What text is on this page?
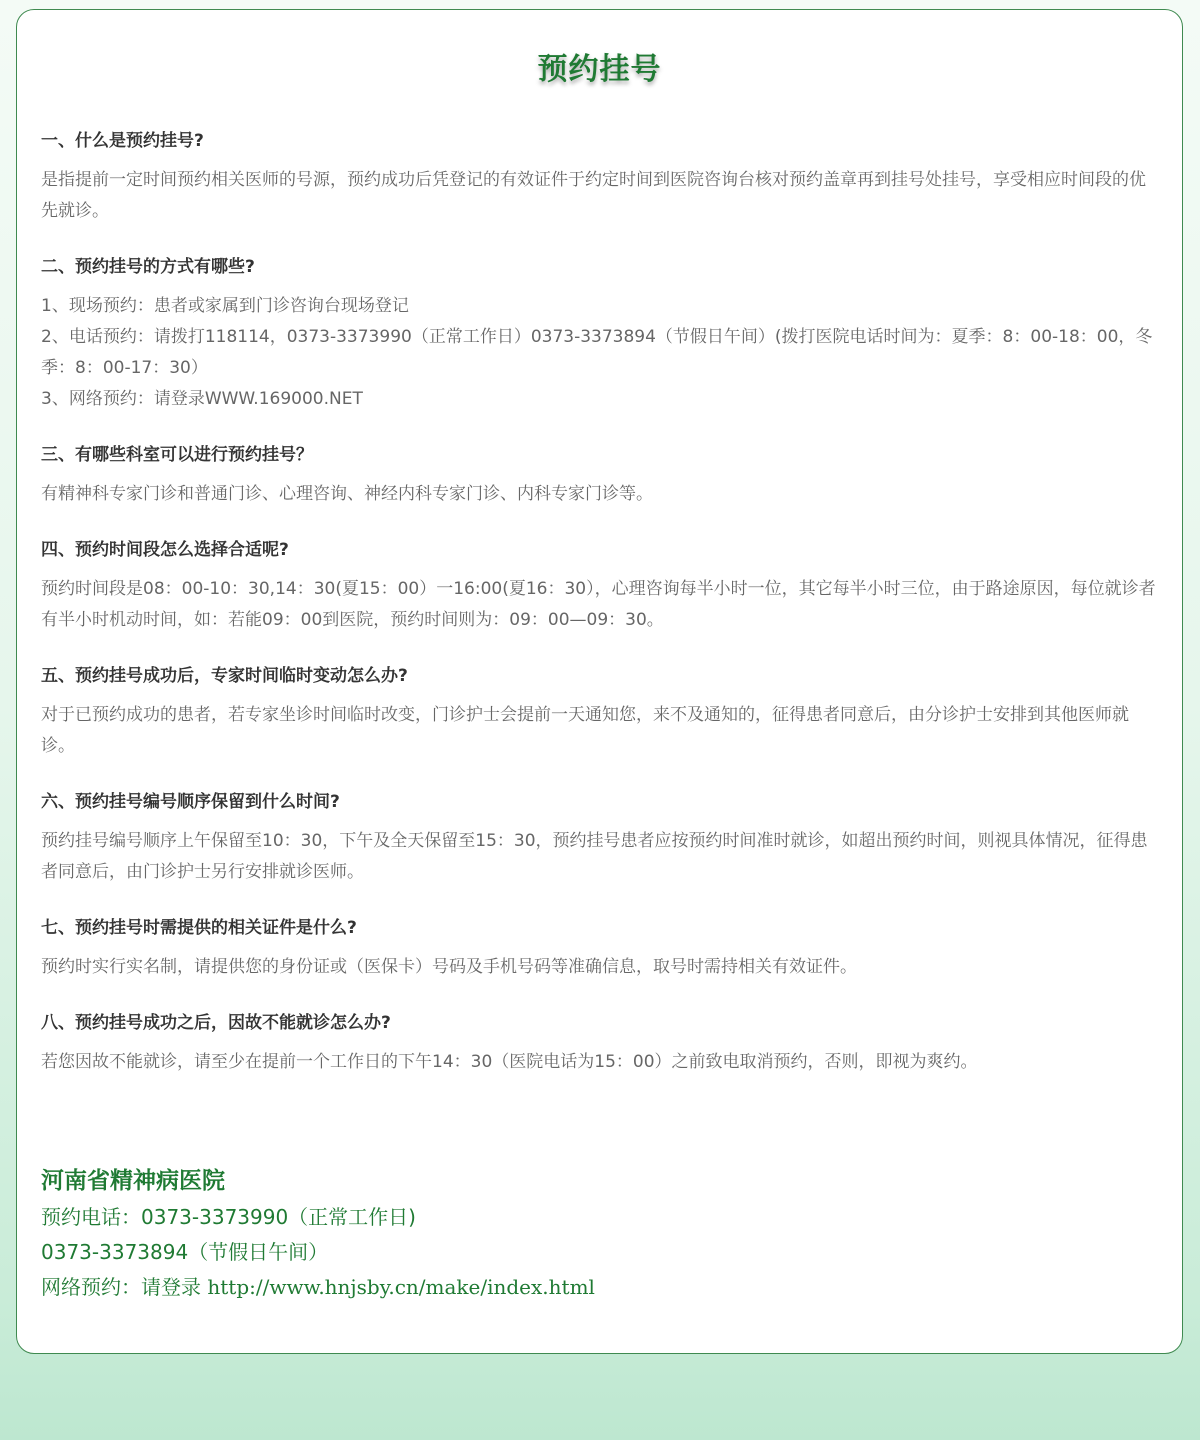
预约挂号
一、什么是预约挂号?

是指提前一定时间预约相关医师的号源，预约成功后凭登记的有效证件于约定时间到医院咨询台核对预约盖章再到挂号处挂号，享受相应时间段的优先就诊。

二、预约挂号的方式有哪些?

1、现场预约：患者或家属到门诊咨询台现场登记

2、电话预约：请拨打118114，0373-3373990（正常工作日）0373-3373894（节假日午间）(拨打医院电话时间为：夏季：8：00-18：00，冬季：8：00-17：30）

3、网络预约：请登录WWW.169000.NET

三、有哪些科室可以进行预约挂号？

有精神科专家门诊和普通门诊、心理咨询、神经内科专家门诊、内科专家门诊等。

四、预约时间段怎么选择合适呢?

预约时间段是08：00-10：30,14：30(夏15：00）一16:00(夏16：30），心理咨询每半小时一位，其它每半小时三位，由于路途原因，每位就诊者有半小时机动时间，如：若能09：00到医院，预约时间则为：09：00—09：30。

五、预约挂号成功后，专家时间临时变动怎么办?

对于已预约成功的患者，若专家坐诊时间临时改变，门诊护士会提前一天通知您，来不及通知的，征得患者同意后，由分诊护士安排到其他医师就诊。

六、预约挂号编号顺序保留到什么时间?

预约挂号编号顺序上午保留至10：30，下午及全天保留至15：30，预约挂号患者应按预约时间准时就诊，如超出预约时间，则视具体情况，征得患者同意后，由门诊护士另行安排就诊医师。

七、预约挂号时需提供的相关证件是什么?

预约时实行实名制，请提供您的身份证或（医保卡）号码及手机号码等准确信息，取号时需持相关有效证件。

八、预约挂号成功之后，因故不能就诊怎么办?

若您因故不能就诊，请至少在提前一个工作日的下午14：30（医院电话为15：00）之前致电取消预约，否则，即视为爽约。

河南省精神病医院

预约电话：0373-3373990（正常工作日)

0373-3373894（节假日午间）

网络预约：请登录 http://www.hnjsby.cn/make/index.html
